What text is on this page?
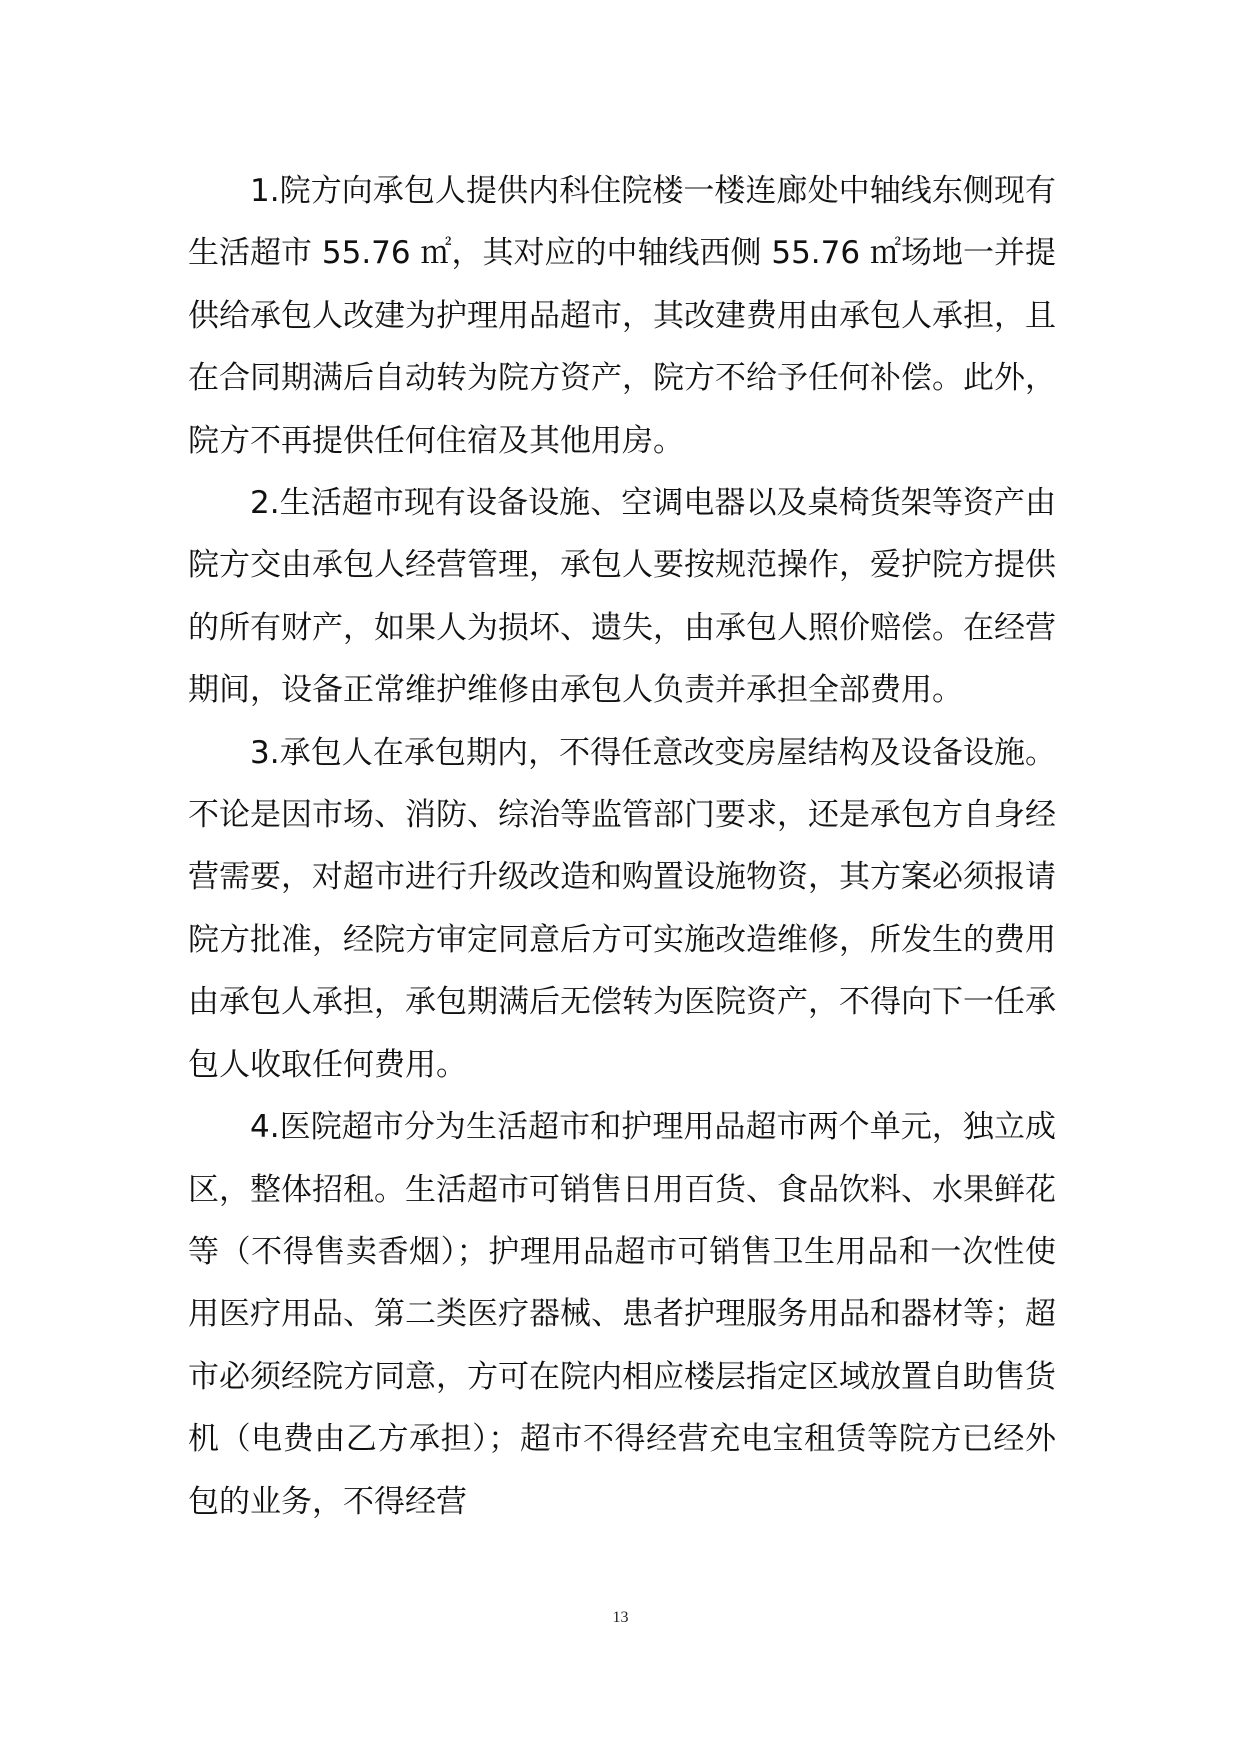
1.院方向承包人提供内科住院楼一楼连廊处中轴线东侧现有生活超市 55.76 ㎡，其对应的中轴线西侧 55.76 ㎡场地一并提供给承包人改建为护理用品超市，其改建费用由承包人承担，且在合同期满后自动转为院方资产，院方不给予任何补偿。此外，院方不再提供任何住宿及其他用房。

2.生活超市现有设备设施、空调电器以及桌椅货架等资产由院方交由承包人经营管理，承包人要按规范操作，爱护院方提供的所有财产，如果人为损坏、遗失，由承包人照价赔偿。在经营期间，设备正常维护维修由承包人负责并承担全部费用。

3.承包人在承包期内，不得任意改变房屋结构及设备设施。不论是因市场、消防、综治等监管部门要求，还是承包方自身经营需要，对超市进行升级改造和购置设施物资，其方案必须报请院方批准，经院方审定同意后方可实施改造维修，所发生的费用由承包人承担，承包期满后无偿转为医院资产，不得向下一任承包人收取任何费用。

4.医院超市分为生活超市和护理用品超市两个单元，独立成区，整体招租。生活超市可销售日用百货、食品饮料、水果鲜花等（不得售卖香烟）；护理用品超市可销售卫生用品和一次性使用医疗用品、第二类医疗器械、患者护理服务用品和器材等；超市必须经院方同意，方可在院内相应楼层指定区域放置自助售货机（电费由乙方承担）；超市不得经营充电宝租赁等院方已经外包的业务，不得经营

13
